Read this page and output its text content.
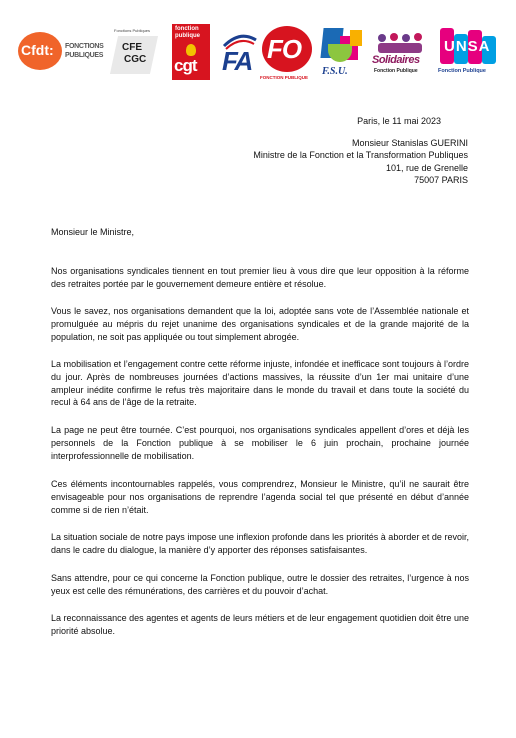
Cfdt: FONCTIONS
PUBLIQUES
Fonctions Publiques
CFE
CGC
fonction
publique
cgt FA FO
FONCTION PUBLIQUE
F.S.U.
Solidaires
Fonction Publique
UNSA
Fonction Publique
Paris, le 11 mai 2023
Monsieur Stanislas GUERINI
Ministre de la Fonction et la Transformation Publiques
101, rue de Grenelle
75007 PARIS
Monsieur le Ministre,

Nos organisations syndicales tiennent en tout premier lieu à vous dire que leur opposition à la réforme des retraites portée par le gouvernement demeure entière et résolue.

Vous le savez, nos organisations demandent que la loi, adoptée sans vote de l’Assemblée nationale et promulguée au mépris du rejet unanime des organisations syndicales et de la grande majorité de la population, ne soit pas appliquée ou tout simplement abrogée.

La mobilisation et l’engagement contre cette réforme injuste, infondée et inefficace sont toujours à l’ordre du jour. Après de nombreuses journées d’actions massives, la réussite d’un 1er mai unitaire d’une ampleur inédite confirme le refus très majoritaire dans le monde du travail et dans toute la société du recul à 64 ans de l’âge de la retraite.

La page ne peut être tournée. C’est pourquoi, nos organisations syndicales appellent d’ores et déjà les personnels de la Fonction publique à se mobiliser le 6 juin prochain, prochaine journée interprofessionnelle de mobilisation.

Ces éléments incontournables rappelés, vous comprendrez, Monsieur le Ministre, qu’il ne saurait être envisageable pour nos organisations de reprendre l’agenda social tel que présenté en début d’année comme si de rien n’était.

La situation sociale de notre pays impose une inflexion profonde dans les priorités à aborder et de revoir, dans le cadre du dialogue, la manière d’y apporter des réponses satisfaisantes.

Sans attendre, pour ce qui concerne la Fonction publique, outre le dossier des retraites, l’urgence à nos yeux est celle des rémunérations, des carrières et du pouvoir d’achat.

La reconnaissance des agentes et agents de leurs métiers et de leur engagement quotidien doit être une priorité absolue.
